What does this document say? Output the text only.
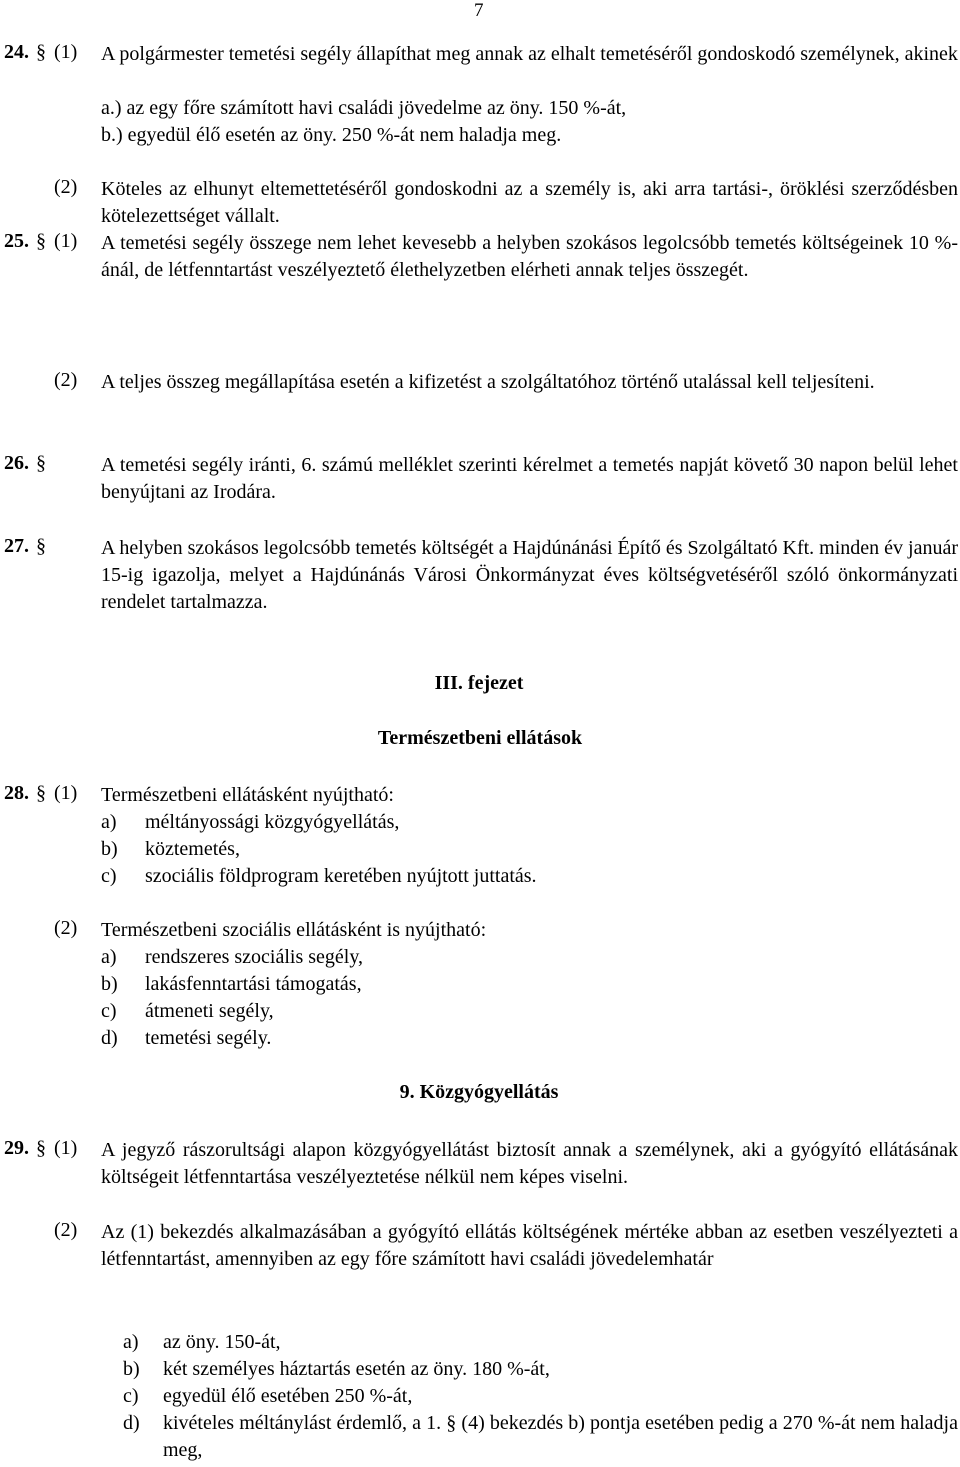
7
24. § (1) A polgármester temetési segély állapíthat meg annak az elhalt temetéséről gondoskodó személynek, akinek
a.) az egy főre számított havi családi jövedelme az öny. 150 %-át,
b.) egyedül élő esetén az öny. 250 %-át nem haladja meg.
(2) Köteles az elhunyt eltemettetéséről gondoskodni az a személy is, aki arra tartási-, öröklési szerződésben kötelezettséget vállalt.
25. § (1) A temetési segély összege nem lehet kevesebb a helyben szokásos legolcsóbb temetés költségeinek 10 %-ánál, de létfenntartást veszélyeztető élethelyzetben elérheti annak teljes összegét.
(2) A teljes összeg megállapítása esetén a kifizetést a szolgáltatóhoz történő utalással kell teljesíteni.
26. §	A temetési segély iránti, 6. számú melléklet szerinti kérelmet a temetés napját követő 30 napon belül lehet benyújtani az Irodára.
27. §	A helyben szokásos legolcsóbb temetés költségét a Hajdúnánási Építő és Szolgáltató Kft. minden év január 15-ig igazolja, melyet a Hajdúnánás Városi Önkormányzat éves költségvetéséről szóló önkormányzati rendelet tartalmazza.
III. fejezet
Természetbeni ellátások
28. § (1) Természetbeni ellátásként nyújtható:
a) méltányossági közgyógyellátás,
b) köztemetés,
c) szociális földprogram keretében nyújtott juttatás.
(2) Természetbeni szociális ellátásként is nyújtható:
a) rendszeres szociális segély,
b) lakásfenntartási támogatás,
c) átmeneti segély,
d) temetési segély.
9. Közgyógyellátás
29. § (1) A jegyző rászorultsági alapon közgyógyellátást biztosít annak a személynek, aki a gyógyító ellátásának költségeit létfenntartása veszélyeztetése nélkül nem képes viselni.
(2) Az (1) bekezdés alkalmazásában a gyógyító ellátás költségének mértéke abban az esetben veszélyezteti a létfenntartást, amennyiben az egy főre számított havi családi jövedelemhatár
a) az öny. 150-át,
b) két személyes háztartás esetén az öny. 180 %-át,
c) egyedül élő esetében 250 %-át,
d) kivételes méltánylást érdemlő, a 1. § (4) bekezdés b) pontja esetében pedig a 270 %-át nem haladja meg,
